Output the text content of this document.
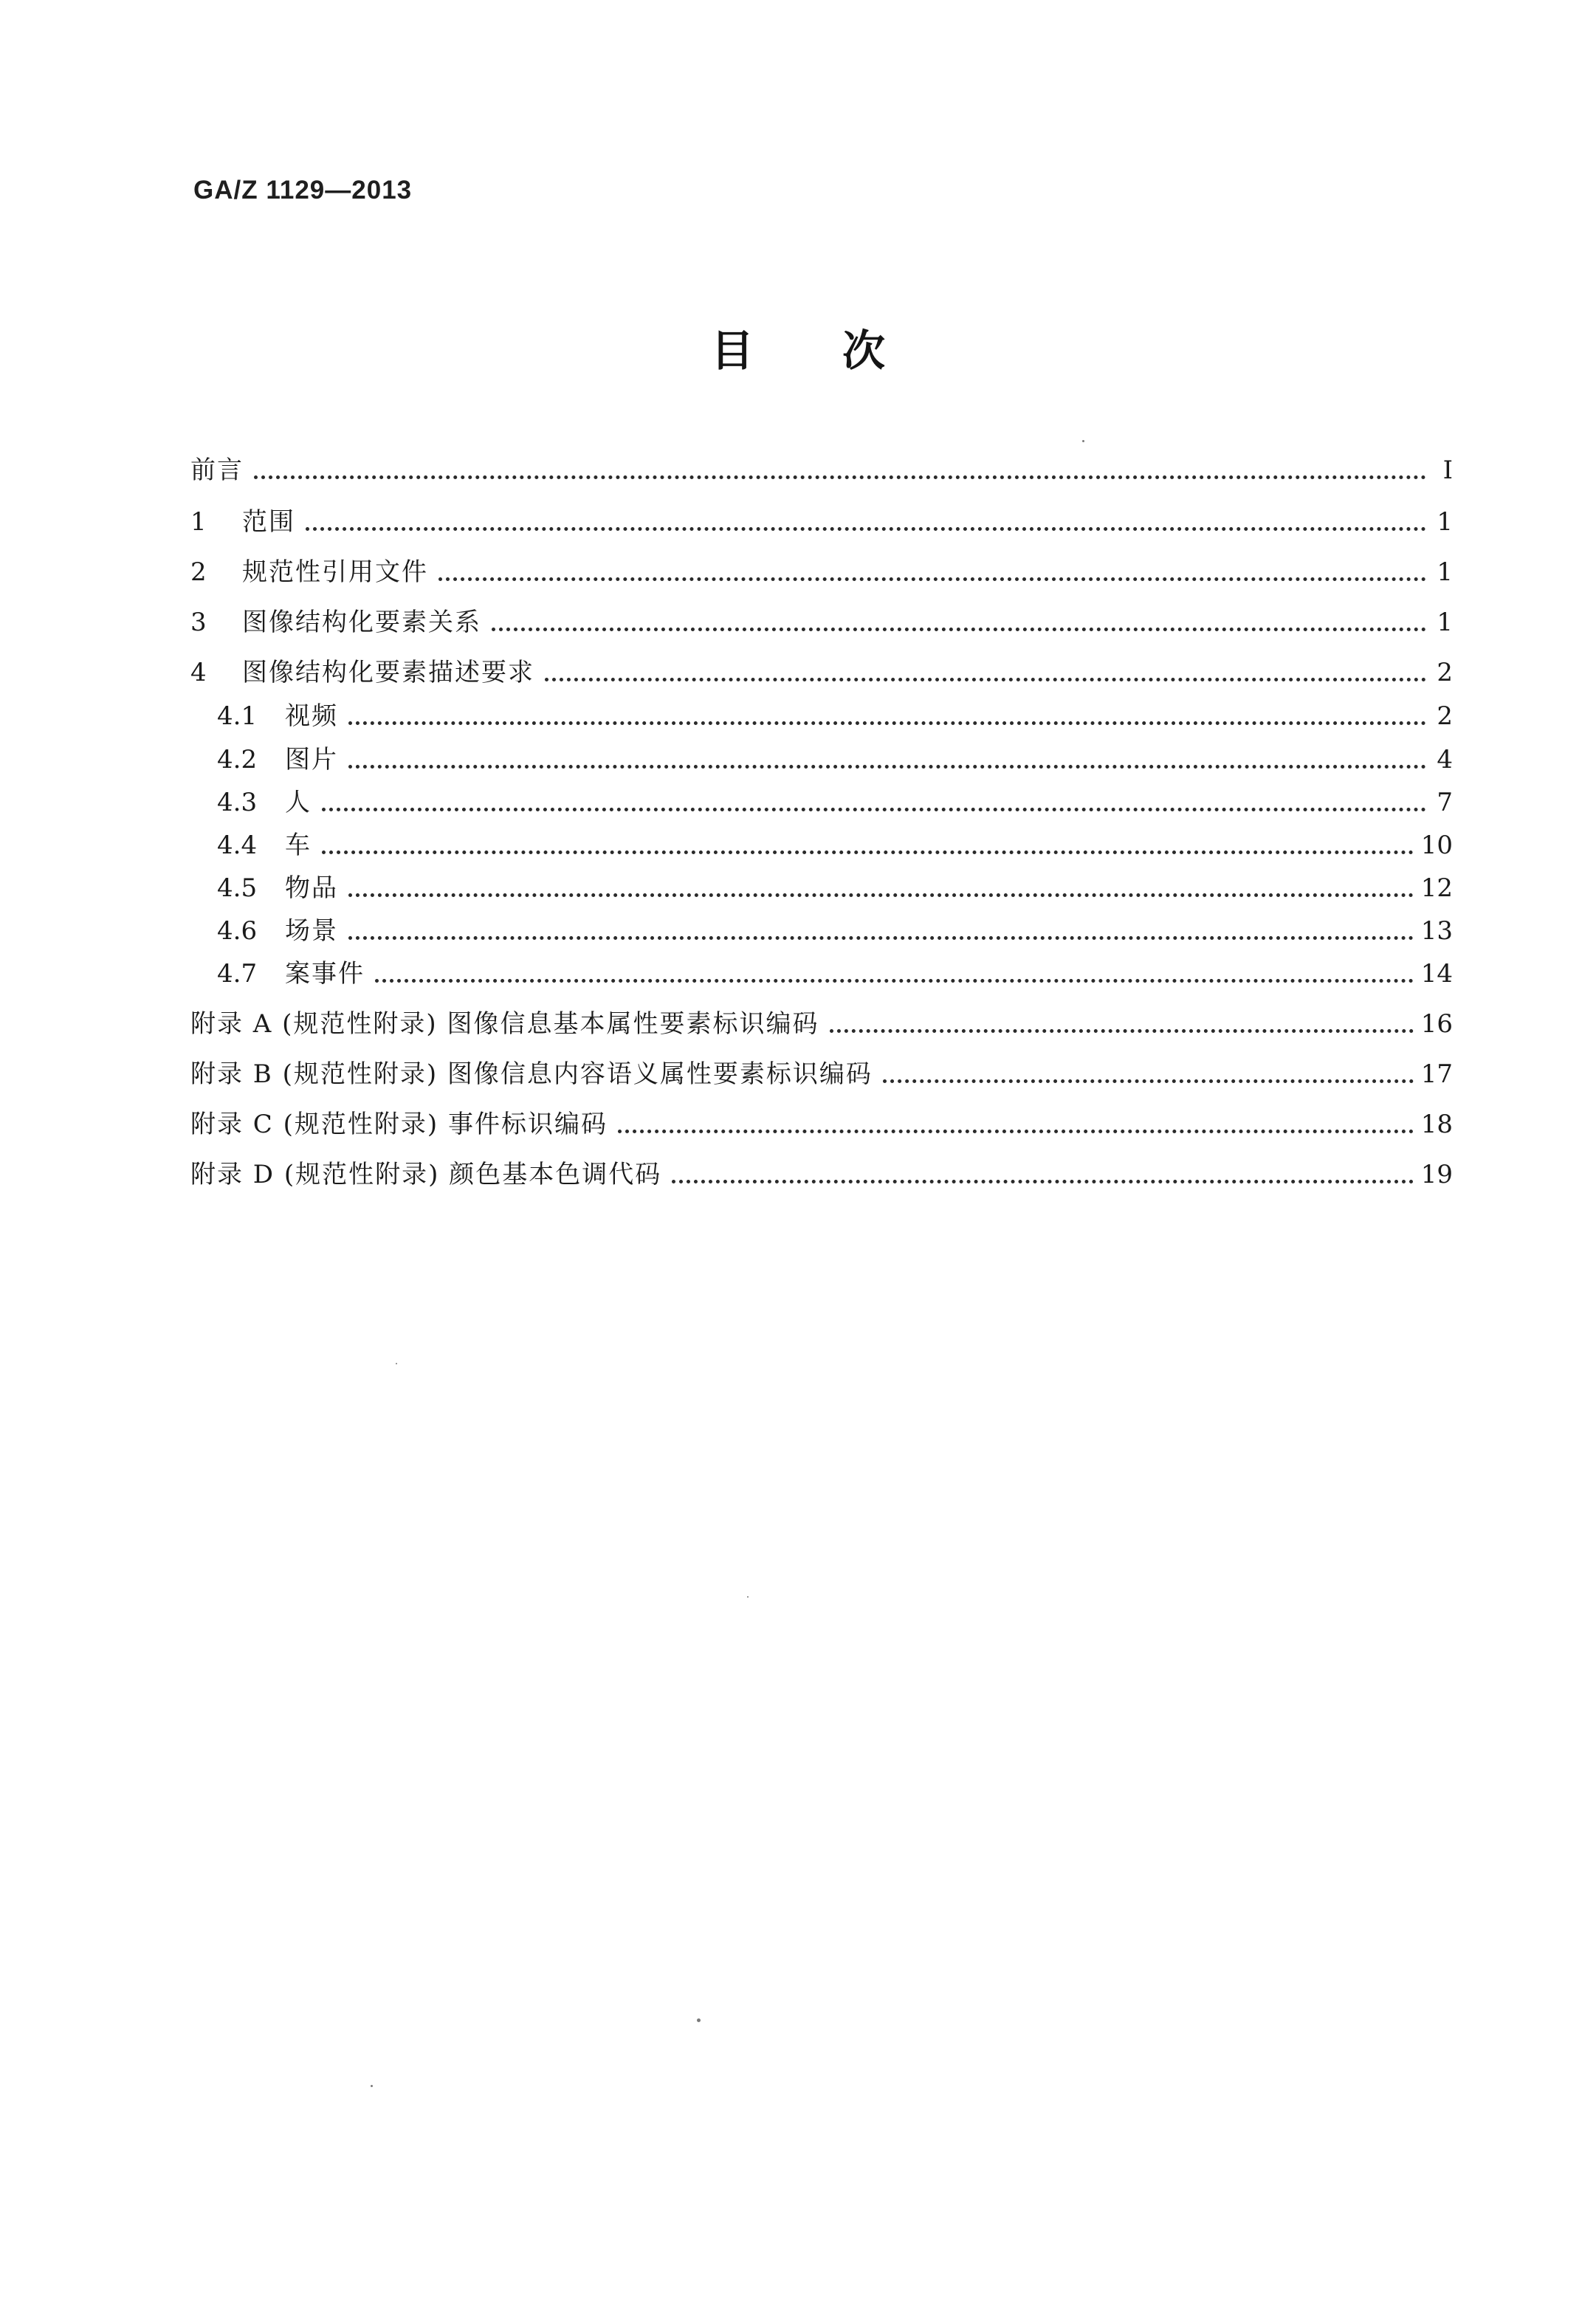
GA/Z 1129—2013
目 次
前言	Ⅰ
1	范围	1
2	规范性引用文件	1
3	图像结构化要素关系	1
4	图像结构化要素描述要求	2
4.1	视频	2
4.2	图片	4
4.3	人	7
4.4	车	10
4.5	物品	12
4.6	场景	13
4.7	案事件	14
附录 A (规范性附录) 图像信息基本属性要素标识编码	16
附录 B (规范性附录) 图像信息内容语义属性要素标识编码	17
附录 C (规范性附录) 事件标识编码	18
附录 D (规范性附录) 颜色基本色调代码	19
